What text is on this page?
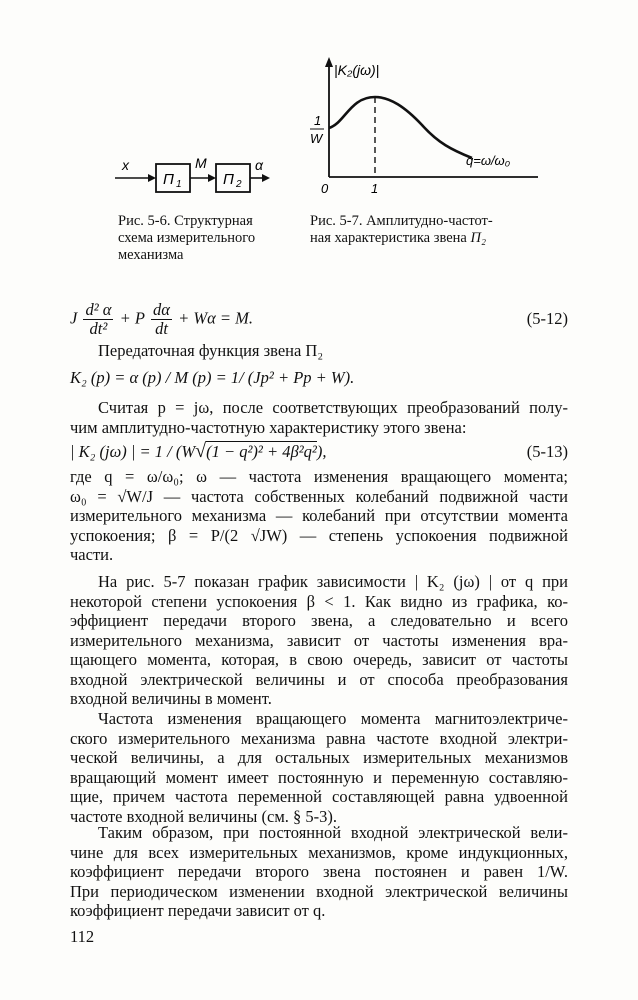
x	M	α
П 1	П 2
Рис. 5-6. Структурная
схема измерительного
механизма
|K₂(jω)|
1
W
0	1
q=ω/ω₀
Рис. 5-7. Амплитудно-частот-
ная характеристика звена П₂
J $\frac{\text{d² α}}{\text{dt²}} + P \frac{d\alpha}{dt} + W\alpha = M$.	(5-12)
Передаточная функция звена П₂
K₂ (p) = α (p) / M (p) = 1/ (Jp² + Pp + W).
Считая p = jω, после соответствующих преобразований полу-
чим амплитудно-частотную характеристику этого звена:
| K₂ (jω) | = 1 / (W√(1 − q²)² + 4β²q²),	(5-13)
где q = ω/ω₀; ω — частота изменения вращающего момента;
ω₀ = √W/J — частота собственных колебаний подвижной части
измерительного механизма — колебаний при отсутствии момента
успокоения; β = P/(2 √JW) — степень успокоения подвижной
части.
На рис. 5-7 показан график зависимости | K₂ (jω) | от q при
некоторой степени успокоения β < 1. Как видно из графика, ко-
эффициент передачи второго звена, а следовательно и всего
измерительного механизма, зависит от частоты изменения вра-
щающего момента, которая, в свою очередь, зависит от частоты
входной электрической величины и от способа преобразования
входной величины в момент.
Частота изменения вращающего момента магнитоэлектриче-
ского измерительного механизма равна частоте входной электри-
ческой величины, а для остальных измерительных механизмов
вращающий момент имеет постоянную и переменную составляю-
щие, причем частота переменной составляющей равна удвоенной
частоте входной величины (см. § 5-3).
Таким образом, при постоянной входной электрической вели-
чине для всех измерительных механизмов, кроме индукционных,
коэффициент передачи второго звена постоянен и равен 1/W.
При периодическом изменении входной электрической величины
коэффициент передачи зависит от q.
112
